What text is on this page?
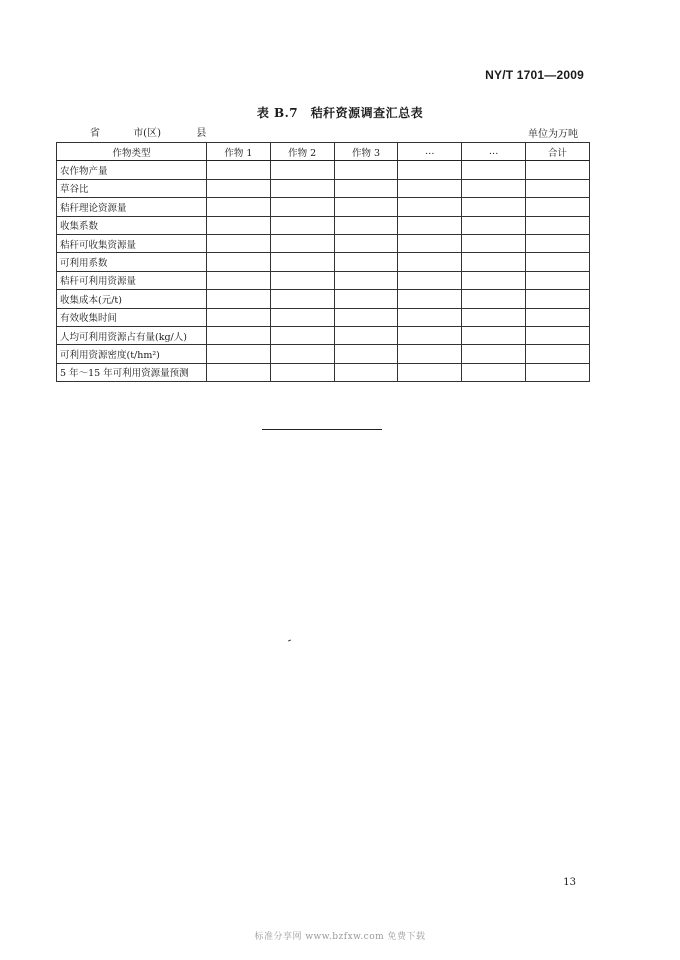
NY/T 1701—2009
表 B.7　秸秆资源调查汇总表
省	市(区)	县	单位为万吨
作物类型	作物 1	作物 2	作物 3	…	…	合计
农作物产量						
草谷比						
秸秆理论资源量						
收集系数						
秸秆可收集资源量						
可利用系数						
秸秆可利用资源量						
收集成本(元/t)						
有效收集时间						
人均可利用资源占有量(kg/人)						
可利用资源密度(t/hm²)						
5 年～15 年可利用资源量预测						
13
标准分享网 www.bzfxw.com 免费下载
